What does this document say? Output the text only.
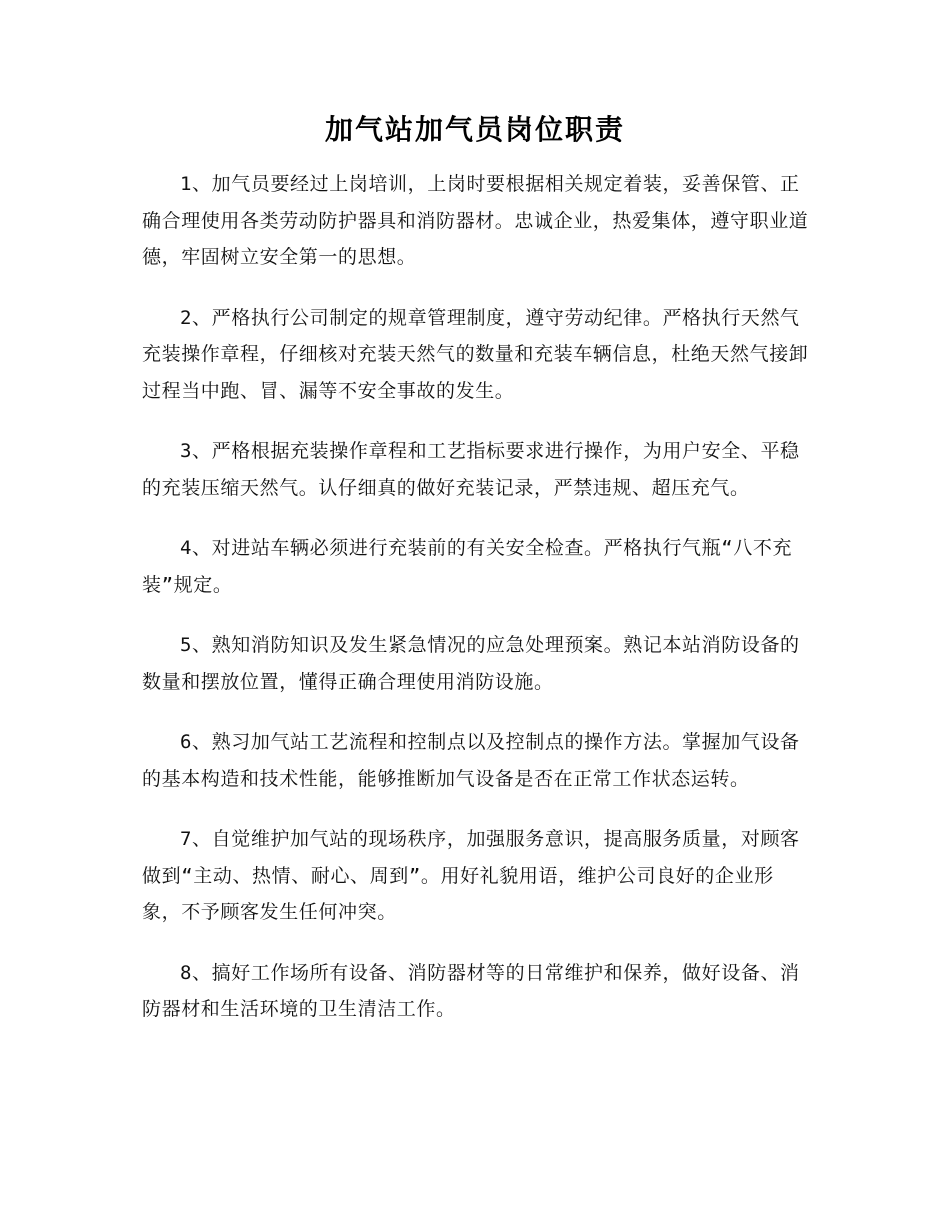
加气站加气员岗位职责

1、加气员要经过上岗培训，上岗时要根据相关规定着装，妥善保管、正确合理使用各类劳动防护器具和消防器材。忠诚企业，热爱集体，遵守职业道德，牢固树立安全第一的思想。

2、严格执行公司制定的规章管理制度，遵守劳动纪律。严格执行天然气充装操作章程，仔细核对充装天然气的数量和充装车辆信息，杜绝天然气接卸过程当中跑、冒、漏等不安全事故的发生。

3、严格根据充装操作章程和工艺指标要求进行操作，为用户安全、平稳的充装压缩天然气。认仔细真的做好充装记录，严禁违规、超压充气。

4、对进站车辆必须进行充装前的有关安全检查。严格执行气瓶“八不充装”规定。

5、熟知消防知识及发生紧急情况的应急处理预案。熟记本站消防设备的数量和摆放位置，懂得正确合理使用消防设施。

6、熟习加气站工艺流程和控制点以及控制点的操作方法。掌握加气设备的基本构造和技术性能，能够推断加气设备是否在正常工作状态运转。

7、自觉维护加气站的现场秩序，加强服务意识，提高服务质量，对顾客做到“主动、热情、耐心、周到”。用好礼貌用语，维护公司良好的企业形象，不予顾客发生任何冲突。

8、搞好工作场所有设备、消防器材等的日常维护和保养，做好设备、消防器材和生活环境的卫生清洁工作。
